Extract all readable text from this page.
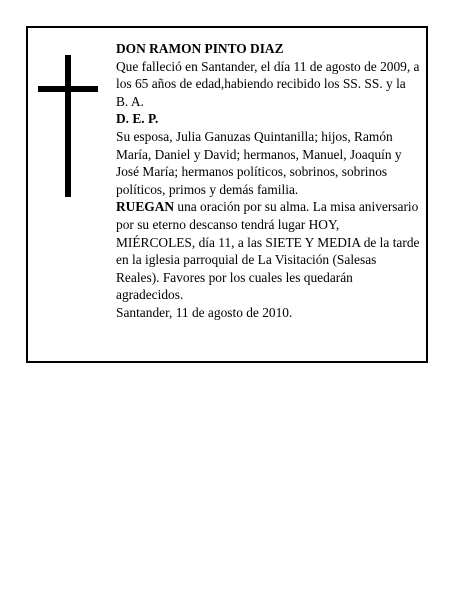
DON RAMON PINTO DIAZ

Que falleció en Santander, el día 11 de agosto de 2009, a los 65 años de edad,habiendo recibido los SS. SS. y la B. A.

D. E. P.

Su esposa, Julia Ganuzas Quintanilla; hijos, Ramón María, Daniel y David; hermanos, Manuel, Joaquín y José María; hermanos políticos, sobrinos, sobrinos políticos, primos y demás familia.

RUEGAN una oración por su alma. La misa aniversario por su eterno descanso tendrá lugar HOY, MIÉRCOLES, día 11, a las SIETE Y MEDIA de la tarde en la iglesia parroquial de La Visitación (Salesas Reales). Favores por los cuales les quedarán agradecidos.

Santander, 11 de agosto de 2010.
